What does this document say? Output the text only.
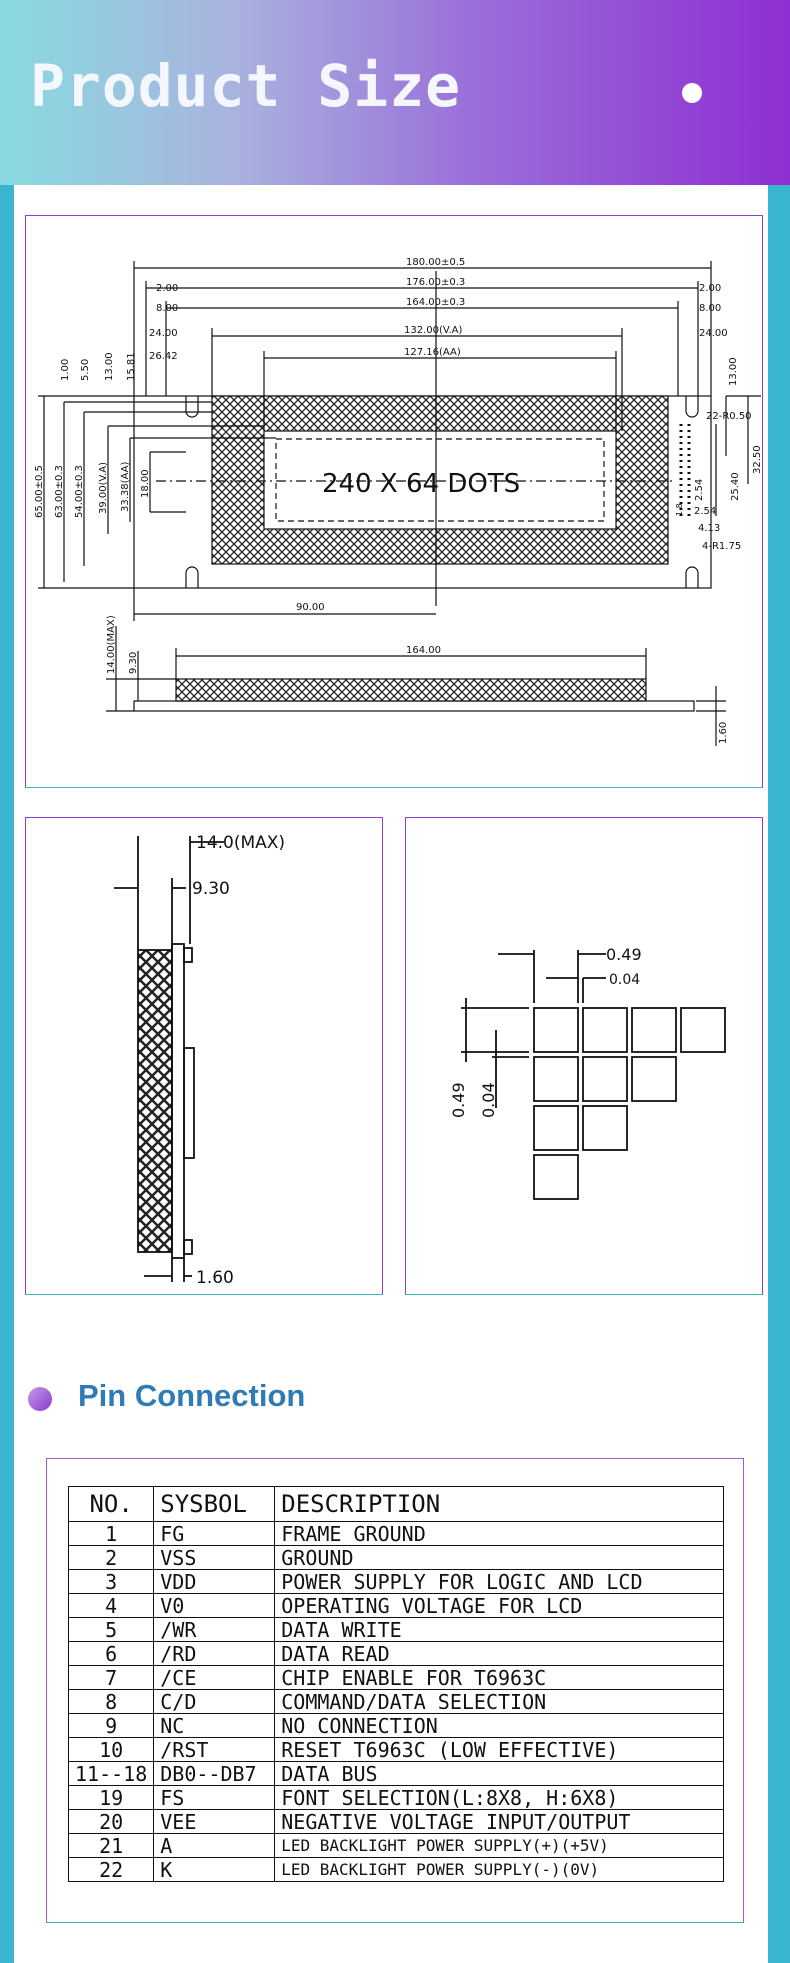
Product Size
180.00±0.5
176.00±0.3
164.00±0.3
132.00(V.A)
127.16(AA)
2.00
8.00
24.00
26.42
2.00
8.00
24.00
1.00 5.50 13.00 15.81
65.00±0.5 63.00±0.3 54.00±0.3 39.00(V.A) 33.38(AA) 18.00
13.00
22-R0.50
32.50
25.40
2.54
1.8 2.54
4.13
4-R1.75
90.00
240 X 64 DOTS
164.00
14.00(MAX) 9.30
1.60
14.0(MAX)
9.30
1.60
0.49
0.04
0.49 0.04
Pin Connection
NO.	SYSBOL	DESCRIPTION
1	FG	FRAME GROUND
2	VSS	GROUND
3	VDD	POWER SUPPLY FOR LOGIC AND LCD
4	V0	OPERATING VOLTAGE FOR LCD
5	/WR	DATA WRITE
6	/RD	DATA READ
7	/CE	CHIP ENABLE FOR T6963C
8	C/D	COMMAND/DATA SELECTION
9	NC	NO CONNECTION
10	/RST	RESET T6963C (LOW EFFECTIVE)
11--18	DB0--DB7	DATA BUS
19	FS	FONT SELECTION(L:8X8, H:6X8)
20	VEE	NEGATIVE VOLTAGE INPUT/OUTPUT
21	A	LED BACKLIGHT POWER SUPPLY(+)(+5V)
22	K	LED BACKLIGHT POWER SUPPLY(-)(0V)
